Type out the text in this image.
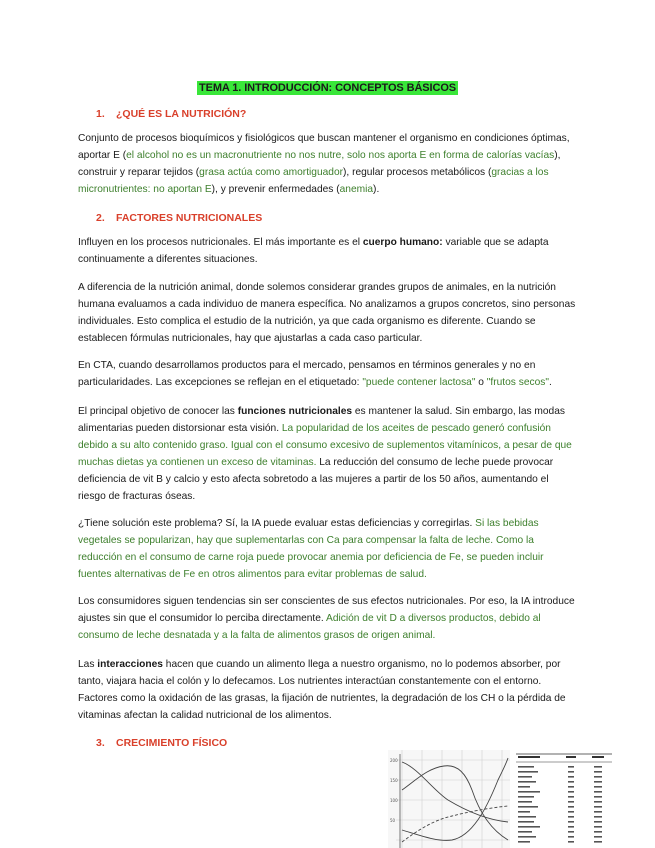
TEMA 1. INTRODUCCIÓN: CONCEPTOS BÁSICOS
1. ¿QUÉ ES LA NUTRICIÓN?

Conjunto de procesos bioquímicos y fisiológicos que buscan mantener el organismo en condiciones óptimas, aportar E (el alcohol no es un macronutriente no nos nutre, solo nos aporta E en forma de calorías vacías), construir y reparar tejidos (grasa actúa como amortiguador), regular procesos metabólicos (gracias a los micronutrientes: no aportan E), y prevenir enfermedades (anemia).

2. FACTORES NUTRICIONALES

Influyen en los procesos nutricionales. El más importante es el cuerpo humano: variable que se adapta continuamente a diferentes situaciones.

A diferencia de la nutrición animal, donde solemos considerar grandes grupos de animales, en la nutrición humana evaluamos a cada individuo de manera específica. No analizamos a grupos concretos, sino personas individuales. Esto complica el estudio de la nutrición, ya que cada organismo es diferente. Cuando se establecen fórmulas nutricionales, hay que ajustarlas a cada caso particular.

En CTA, cuando desarrollamos productos para el mercado, pensamos en términos generales y no en particularidades. Las excepciones se reflejan en el etiquetado: "puede contener lactosa" o "frutos secos".

El principal objetivo de conocer las funciones nutricionales es mantener la salud. Sin embargo, las modas alimentarias pueden distorsionar esta visión. La popularidad de los aceites de pescado generó confusión debido a su alto contenido graso. Igual con el consumo excesivo de suplementos vitamínicos, a pesar de que muchas dietas ya contienen un exceso de vitaminas. La reducción del consumo de leche puede provocar deficiencia de vit B y calcio y esto afecta sobretodo a las mujeres a partir de los 50 años, aumentando el riesgo de fracturas óseas.

¿Tiene solución este problema? Sí, la IA puede evaluar estas deficiencias y corregirlas. Si las bebidas vegetales se popularizan, hay que suplementarlas con Ca para compensar la falta de leche. Como la reducción en el consumo de carne roja puede provocar anemia por deficiencia de Fe, se pueden incluir fuentes alternativas de Fe en otros alimentos para evitar problemas de salud.

Los consumidores siguen tendencias sin ser conscientes de sus efectos nutricionales. Por eso, la IA introduce ajustes sin que el consumidor lo perciba directamente. Adición de vit D a diversos productos, debido al consumo de leche desnatada y a la falta de alimentos grasos de origen animal.

Las interacciones hacen que cuando un alimento llega a nuestro organismo, no lo podemos absorber, por tanto, viajara hacia el colón y lo defecamos. Los nutrientes interactúan constantemente con el entorno. Factores como la oxidación de las grasas, la fijación de nutrientes, la degradación de los CH o la pérdida de vitaminas afectan la calidad nutricional de los alimentos.

3. CRECIMIENTO FÍSICO
200
150
100
50
